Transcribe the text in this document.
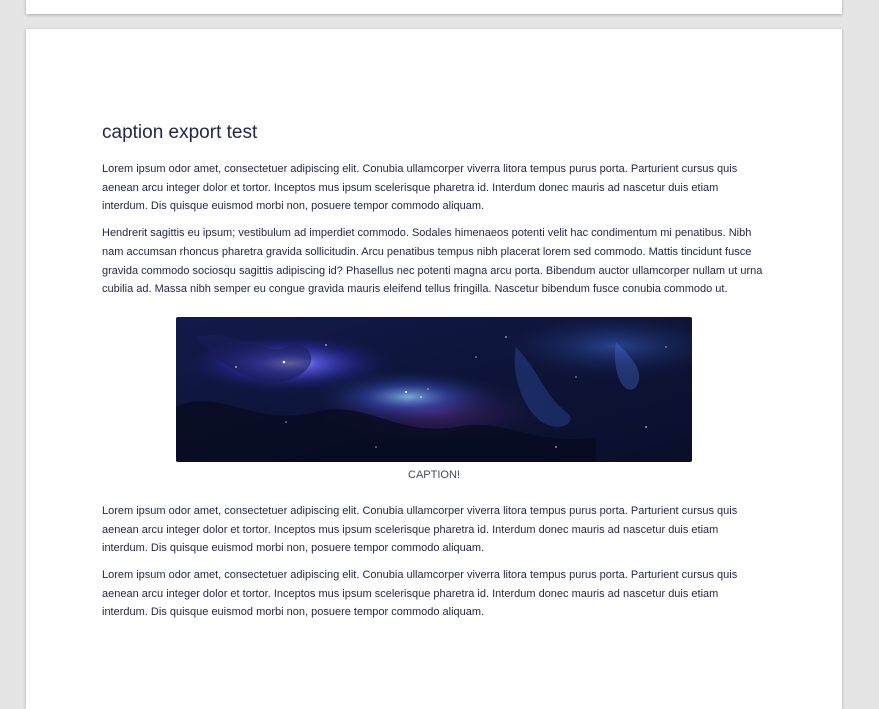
caption export test

Lorem ipsum odor amet, consectetuer adipiscing elit. Conubia ullamcorper viverra litora tempus purus porta. Parturient cursus quis aenean arcu integer dolor et tortor. Inceptos mus ipsum scelerisque pharetra id. Interdum donec mauris ad nascetur duis etiam interdum. Dis quisque euismod morbi non, posuere tempor commodo aliquam.

Hendrerit sagittis eu ipsum; vestibulum ad imperdiet commodo. Sodales himenaeos potenti velit hac condimentum mi penatibus. Nibh nam accumsan rhoncus pharetra gravida sollicitudin. Arcu penatibus tempus nibh placerat lorem sed commodo. Mattis tincidunt fusce gravida commodo sociosqu sagittis adipiscing id? Phasellus nec potenti magna arcu porta. Bibendum auctor ullamcorper nullam ut urna cubilia ad. Massa nibh semper eu congue gravida mauris eleifend tellus fringilla. Nascetur bibendum fusce conubia commodo ut.

CAPTION!

Lorem ipsum odor amet, consectetuer adipiscing elit. Conubia ullamcorper viverra litora tempus purus porta. Parturient cursus quis aenean arcu integer dolor et tortor. Inceptos mus ipsum scelerisque pharetra id. Interdum donec mauris ad nascetur duis etiam interdum. Dis quisque euismod morbi non, posuere tempor commodo aliquam.

Lorem ipsum odor amet, consectetuer adipiscing elit. Conubia ullamcorper viverra litora tempus purus porta. Parturient cursus quis aenean arcu integer dolor et tortor. Inceptos mus ipsum scelerisque pharetra id. Interdum donec mauris ad nascetur duis etiam interdum. Dis quisque euismod morbi non, posuere tempor commodo aliquam.
